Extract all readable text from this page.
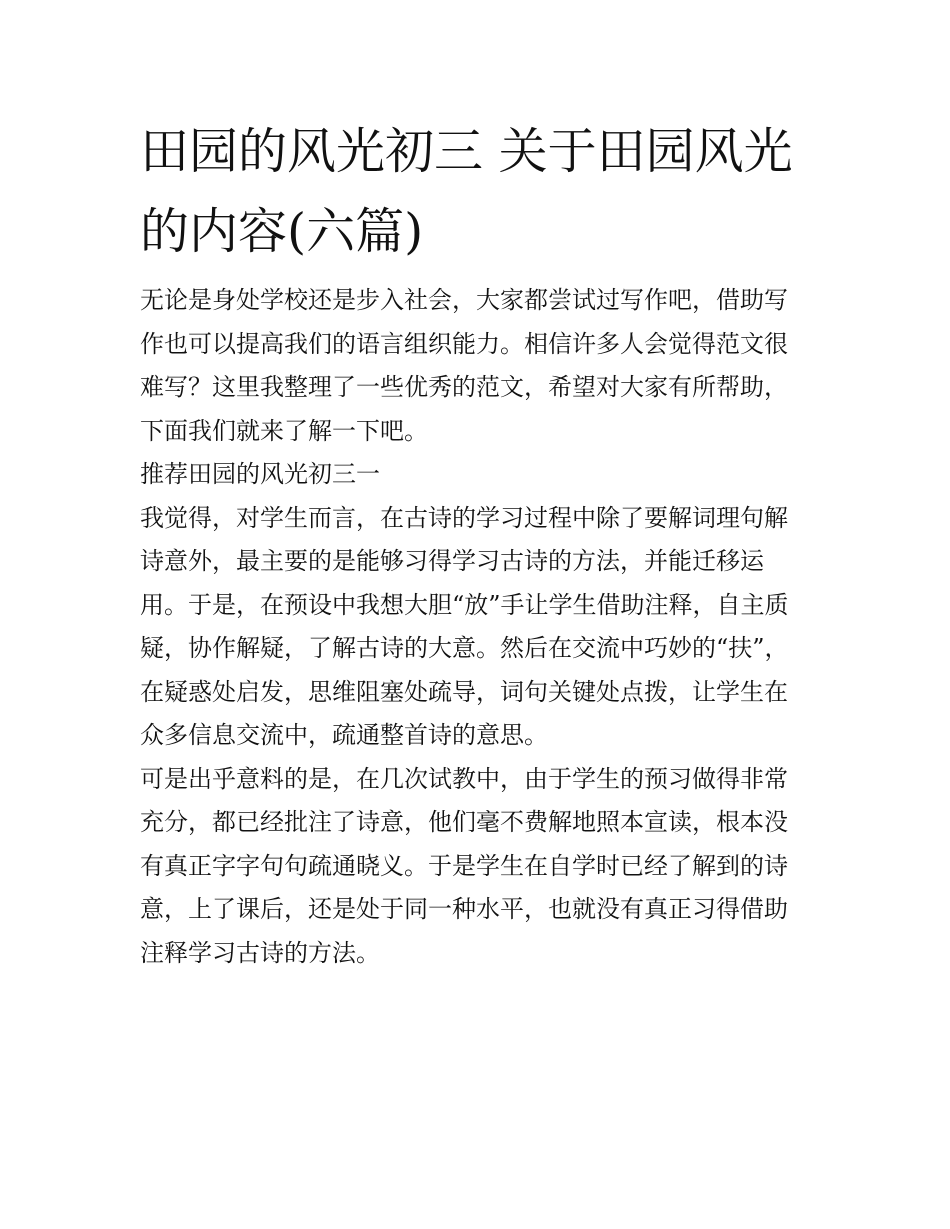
田园的风光初三 关于田园风光
的内容(六篇)

无论是身处学校还是步入社会，大家都尝试过写作吧，借助写
作也可以提高我们的语言组织能力。相信许多人会觉得范文很
难写？这里我整理了一些优秀的范文，希望对大家有所帮助，
下面我们就来了解一下吧。

推荐田园的风光初三一

我觉得，对学生而言，在古诗的学习过程中除了要解词理句解
诗意外，最主要的是能够习得学习古诗的方法，并能迁移运
用。于是，在预设中我想大胆“放”手让学生借助注释，自主质
疑，协作解疑，了解古诗的大意。然后在交流中巧妙的“扶”，
在疑惑处启发，思维阻塞处疏导，词句关键处点拨，让学生在
众多信息交流中，疏通整首诗的意思。

可是出乎意料的是，在几次试教中，由于学生的预习做得非常
充分，都已经批注了诗意，他们毫不费解地照本宣读，根本没
有真正字字句句疏通晓义。于是学生在自学时已经了解到的诗
意，上了课后，还是处于同一种水平，也就没有真正习得借助
注释学习古诗的方法。
